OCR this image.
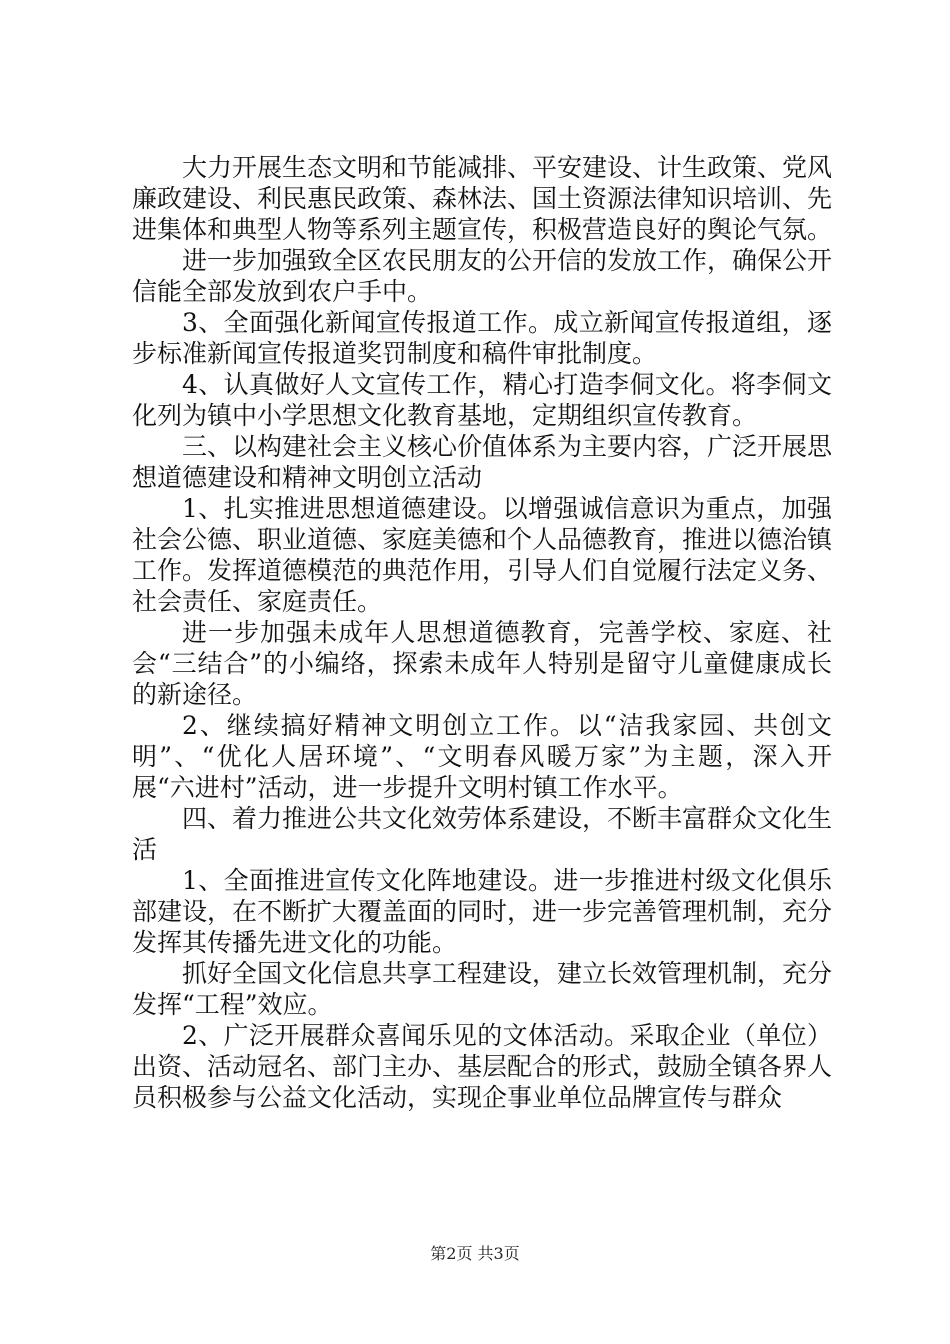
大力开展生态文明和节能减排、平安建设、计生政策、党风廉政建设、利民惠民政策、森林法、国土资源法律知识培训、先进集体和典型人物等系列主题宣传，积极营造良好的舆论气氛。

进一步加强致全区农民朋友的公开信的发放工作，确保公开信能全部发放到农户手中。

3、全面强化新闻宣传报道工作。成立新闻宣传报道组，逐步标准新闻宣传报道奖罚制度和稿件审批制度。

4、认真做好人文宣传工作，精心打造李侗文化。将李侗文化列为镇中小学思想文化教育基地，定期组织宣传教育。

三、以构建社会主义核心价值体系为主要内容，广泛开展思想道德建设和精神文明创立活动

1、扎实推进思想道德建设。以增强诚信意识为重点，加强社会公德、职业道德、家庭美德和个人品德教育，推进以德治镇工作。发挥道德模范的典范作用，引导人们自觉履行法定义务、社会责任、家庭责任。

进一步加强未成年人思想道德教育，完善学校、家庭、社会“三结合”的小编络，探索未成年人特别是留守儿童健康成长的新途径。

2、继续搞好精神文明创立工作。以“洁我家园、共创文明”、“优化人居环境”、“文明春风暖万家”为主题，深入开展“六进村”活动，进一步提升文明村镇工作水平。

四、着力推进公共文化效劳体系建设，不断丰富群众文化生活

1、全面推进宣传文化阵地建设。进一步推进村级文化俱乐部建设，在不断扩大覆盖面的同时，进一步完善管理机制，充分发挥其传播先进文化的功能。

抓好全国文化信息共享工程建设，建立长效管理机制，充分发挥“工程”效应。

2、广泛开展群众喜闻乐见的文体活动。采取企业（单位）出资、活动冠名、部门主办、基层配合的形式，鼓励全镇各界人员积极参与公益文化活动，实现企事业单位品牌宣传与群众

第2页 共3页
